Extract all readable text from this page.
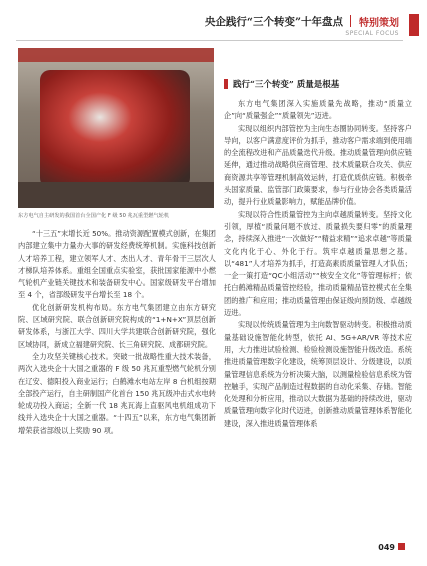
央企践行“三个转变”十年盘点 特别策划
SPECIAL FOCUS
东方电气自主研发的我国首台全国产化 F 级 50 兆瓦重型燃气轮机

“十三五”末增长近 50%。推动资源配置模式创新，在集团内部建立集中力量办大事的研发经费统筹机制。实施科技创新人才培养工程，建立领军人才、杰出人才、青年骨干三层次人才梯队培养体系。重组全国重点实验室，获批国家能源中小燃气轮机产业链关键技术和装备研发中心。国家级研发平台增加至 4 个，省部级研发平台增长至 18 个。

优化创新研发机构布局。东方电气集团建立由东方研究院、区域研究院、联合创新研究院构成的“1+N+X”顶层创新研发体系，与浙江大学、四川大学共建联合创新研究院，强化区域协同，新成立福建研究院、长三角研究院、成都研究院。

全力攻坚关键核心技术。突破一批战略性重大技术装备，两次入选央企十大国之重器的 F 级 50 兆瓦重型燃气轮机分别在辽安、德阳投入商业运行；白鹤滩水电站左岸 8 台机组按期全部投产运行，自主研制国产化首台 150 兆瓦级冲击式水电转轮成功投入商运；全新一代 18 兆瓦海上直驱风电机组成功下线并入选央企十大国之重器。“十四五”以来，东方电气集团新增荣获省部级以上奖励 90 项。

践行“三个转变” 质量是根基

东方电气集团深入实施质量先战略，推动“质量立企”向“质量强企”“质量领先”迈进。

实现以组织内部管控为主向生态圈协同转变。坚持客户导向，以客户满意度评价为抓手，推动客户需求端到使用端的全流程改进和产品质量迭代升级。推动质量管理向供应链延伸，通过推动战略供应商管理、技术质量联合攻关、供应商资源共享等管理机制高效运转，打造优质供应链。积极牵头国家质量、监管部门政策要求，参与行业协会各类质量活动，提升行业质量影响力，赋能品牌价值。

实现以符合性质量管控为主向卓越质量转变。坚持文化引领，厚植“质量问题不放过、质量损失要归零”的质量理念，持续深入推进“一次做好”“精益求精”“追求卓越”等质量文化内化于心、外化于行。筑牢卓越质量思想之基。以“481”人才培养为抓手，打造高素质质量管理人才队伍；一企一策打造“QC小组活动”“核安全文化”等管理标杆；依托白鹤滩精品质量管控经验，推动质量精品管控模式在全集团的推广和应用；推动质量管理由保证级向预防级、卓越级迈进。

实现以传统质量管理为主向数智驱动转变。积极推动质量基础设施智能化转型，依托 AI、5G+AR/VR 等技术应用，大力推进试验检测、检验检测设施智能升级改造。系统推进质量管理数字化建设，统筹顶层设计、分级建设，以质量管理信息系统为分析决策大脑，以测量检验信息系统为管控触手，实现产品制造过程数据的自动化采集、存储。智能化处理和分析应用，推动以大数据为基础的持续改进，驱动质量管理向数字化时代迈进，创新推动质量管理体系智能化建设，深入推进质量管理体系

049
